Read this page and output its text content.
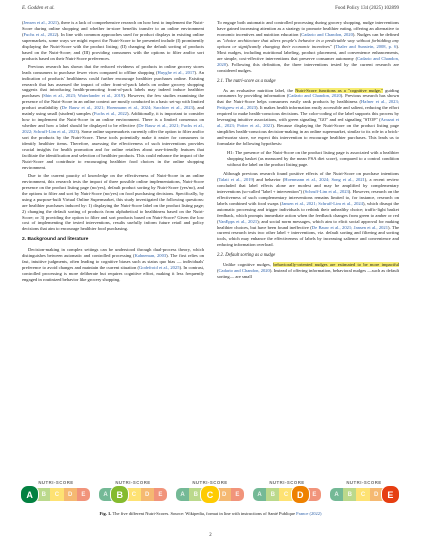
E. Godden et al.	Food Policy 134 (2025) 102899

(Jensen et al., 2021), there is a lack of comprehensive research on how best to implement the Nutri-Score during online shopping and whether in-store benefits transfer to an online environment (Fuchs et al., 2022). In line with common approaches used for product displays in existing online supermarkets, some ways we might expect the Nutri-Score to be presented include (I) prominently displaying the Nutri-Score with the product listing; (II) changing the default sorting of products based on the Nutri-Score; and (III) providing consumers with the options to filter and/or sort products based on their Nutri-Score preferences.

Previous research has shown that the reduced vividness of products in online grocery stores leads consumers to purchase fewer vices compared to offline shopping (Huyghe et al., 2017). An indication of products' healthiness could further encourage healthier purchases online. Existing research that has assessed the impact of other front-of-pack labels on online grocery shopping suggests that introducing health-promoting front-of-pack labels may indeed induce healthier purchases (Shin et al., 2023; Waterlander et al., 2019). However, the few studies examining the presence of the Nutri-Score in an online context are mostly conducted in a basic set-up with limited product availability (De Bauw et al., 2021; Hoenmann et al., 2024; Sacchier et al., 2023), and mainly using small (student) samples (Fuchs et al., 2022). Additionally, it is important to consider how to implement the Nutri-Score in an online environment. There is a limited consensus on whether and how a label should be displayed to be effective (De Bauw et al., 2021; Fuchs et al., 2022; Schruff-Lim et al., 2023). Some online supermarkets currently offer the option to filter and/or sort the products by the Nutri-Score. These tools potentially make it easier for consumers to identify healthier items. Therefore, assessing the effectiveness of such interventions provides crucial insights for health promotion and for online retailers about user-friendly features that facilitate the identification and selection of healthier products. This could enhance the impact of the Nutri-Score and contribute to encouraging healthier food choices in the online shopping environment.

Due to the current paucity of knowledge on the effectiveness of Nutri-Score in an online environment, this research tests the impact of three possible online implementations, Nutri-Score presence on the product listing page (no/yes), default product sorting by Nutri-Score (yes/no), and the options to filter and sort by Nutri-Score (no/yes) on food purchasing decisions. Specifically, by using a purpose-built Virtual Online Supermarket, this study investigated the following questions: are healthier purchases induced by: 1) displaying the Nutri-Score label on the product listing page; 2) changing the default sorting of products from alphabetical to healthiness based on the Nutri-Score; or 3) providing the option to filter and sort products based on Nutri-Score? Given the low cost of implementing the tested interventions, results usefully inform future retail and policy decisions that aim to encourage healthier food purchasing.

2. Background and literature

Decision-making in complex settings can be understood through dual-process theory, which distinguishes between automatic and controlled processing (Kahneman, 2003). The first relies on fast, intuitive judgments, often leading to cognitive biases such as status quo bias — individuals' preference to avoid changes and maintain the current situation (Godefroid et al., 2025). In contrast, controlled processing is more deliberate but requires cognitive effort, making it less frequently engaged in routinized behavior like grocery shopping.

To engage both automatic and controlled processing during grocery shopping, nudge interventions have gained increasing attention as a strategy to promote healthier eating, offering an alternative to economic incentives and nutrition education (Cadario and Chandon, 2020). Nudges can be defined as "choice architecture that alters people's behavior in a predictable way without forbidding any options or significantly changing their economic incentives" (Thaler and Sunstein, 2008, p. 6). Most nudges, including nutritional labeling, product placement, and convenience enhancements, are simple, cost-effective interventions that preserve consumer autonomy (Cadario and Chandon, 2020). Following this definition, the three interventions tested by the current research are considered nudges.

2.1. The nutri-score as a nudge

As an evaluative nutrition label, the Nutri-Score functions as a "cognitive nudge," guiding consumers by providing information (Cadario and Chandon, 2020). Previous research has shown that the Nutri-Score helps consumers easily rank products by healthiness (Hafner et al., 2023; Pettigrew et al., 2023). It makes health information easily accessible and salient, reducing the effort required to make health-conscious decisions. The color-coding of the label supports this process by leveraging intuitive associations, with green signaling "GO" and red signaling "STOP" (Arrazat et al., 2023; Potter et al., 2021). Because displaying the Nutri-Score on the product listing page simplifies health-conscious decision-making in an online supermarket, similar to its role in a brick-and-mortar store, we expect this intervention to encourage healthier purchases. This leads us to formulate the following hypothesis:

H1: The presence of the Nutri-Score on the product listing page is associated with a healthier shopping basket (as measured by the mean FSA diet score), compared to a control condition without the label on the product listing page.

Although previous research found positive effects of the Nutri-Score on purchase intentions (Talati et al., 2019) and behavior (Hoenmann et al., 2024; Song et al., 2021), a recent review concluded that label effects alone are modest and may be amplified by complementary interventions (so-called "label + intervention") (Schruff-Lim et al., 2023). However, research on the effectiveness of such complementary interventions remains limited to, for instance, research on labels combined with food swaps (Jansen et al., 2021; Schruff-Lim et al., 2024), which disrupt the automatic processing and trigger individuals to rethink their unhealthy choice; traffic-light basket feedback, which prompts immediate action when the feedback changes from green to amber or red (VanEpps et al., 2021); and social norm messages, which aim to elicit social approval for making healthier choices, but have been found ineffective (De Bauw et al., 2021; Jansen et al., 2021). The current research tests two other label + interventions, viz. default sorting and filtering and sorting tools, which may enhance the effectiveness of labels by increasing salience and convenience and reducing information overload.

2.2. Default sorting as a nudge

Unlike cognitive nudges, behaviorally-oriented nudges are estimated to be more impactful (Cadario and Chandon, 2020). Instead of offering information, behavioral nudges —such as default sorting— are small

NUTRI-SCORE
A	B	C	D	E
NUTRI-SCORE
A B	C	D	E
NUTRI-SCORE
A	B C	D	E
NUTRI-SCORE
A	B	C D	E
NUTRI-SCORE
A	B	C	D	E
Fig. 1. The five different Nutri-Scores. Source: Wikipedia, format in line with instructions of Santé Publique France (2022)
2
